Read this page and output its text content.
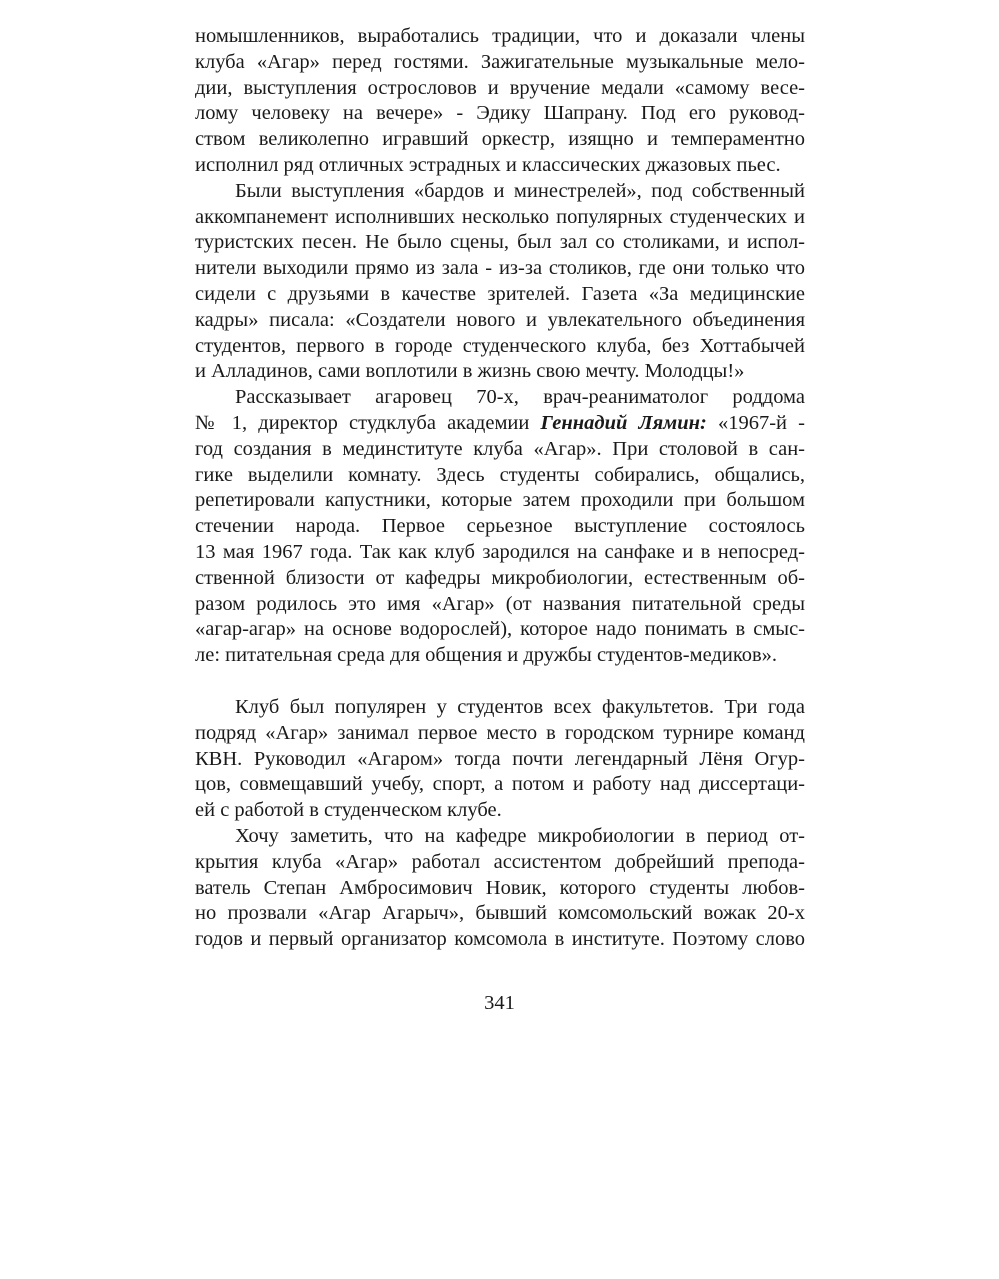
номышленников, выработались традиции, что и доказали члены
клуба «Агар» перед гостями. Зажигательные музыкальные мело-
дии, выступления острословов и вручение медали «самому весе-
лому человеку на вечере» - Эдику Шапрану. Под его руковод-
ством великолепно игравший оркестр, изящно и темпераментно
исполнил ряд отличных эстрадных и классических джазовых пьес.
Были выступления «бардов и минестрелей», под собственный
аккомпанемент исполнивших несколько популярных студенческих и
туристских песен. Не было сцены, был зал со столиками, и испол-
нители выходили прямо из зала - из-за столиков, где они только что
сидели с друзьями в качестве зрителей. Газета «За медицинские
кадры» писала: «Создатели нового и увлекательного объединения
студентов, первого в городе студенческого клуба, без Хоттабычей
и Алладинов, сами воплотили в жизнь свою мечту. Молодцы!»
Рассказывает агаровец 70-х, врач-реаниматолог роддома
№ 1, директор студклуба академии Геннадий Лямин: «1967-й -
год создания в мединституте клуба «Агар». При столовой в сан-
гике выделили комнату. Здесь студенты собирались, общались,
репетировали капустники, которые затем проходили при большом
стечении народа. Первое серьезное выступление состоялось
13 мая 1967 года. Так как клуб зародился на санфаке и в непосред-
ственной близости от кафедры микробиологии, естественным об-
разом родилось это имя «Агар» (от названия питательной среды
«агар-агар» на основе водорослей), которое надо понимать в смыс-
ле: питательная среда для общения и дружбы студентов-медиков».
Клуб был популярен у студентов всех факультетов. Три года
подряд «Агар» занимал первое место в городском турнире команд
КВН. Руководил «Агаром» тогда почти легендарный Лёня Огур-
цов, совмещавший учебу, спорт, а потом и работу над диссертаци-
ей с работой в студенческом клубе.
Хочу заметить, что на кафедре микробиологии в период от-
крытия клуба «Агар» работал ассистентом добрейший препода-
ватель Степан Амбросимович Новик, которого студенты любов-
но прозвали «Агар Агарыч», бывший комсомольский вожак 20-х
годов и первый организатор комсомола в институте. Поэтому слово
341
